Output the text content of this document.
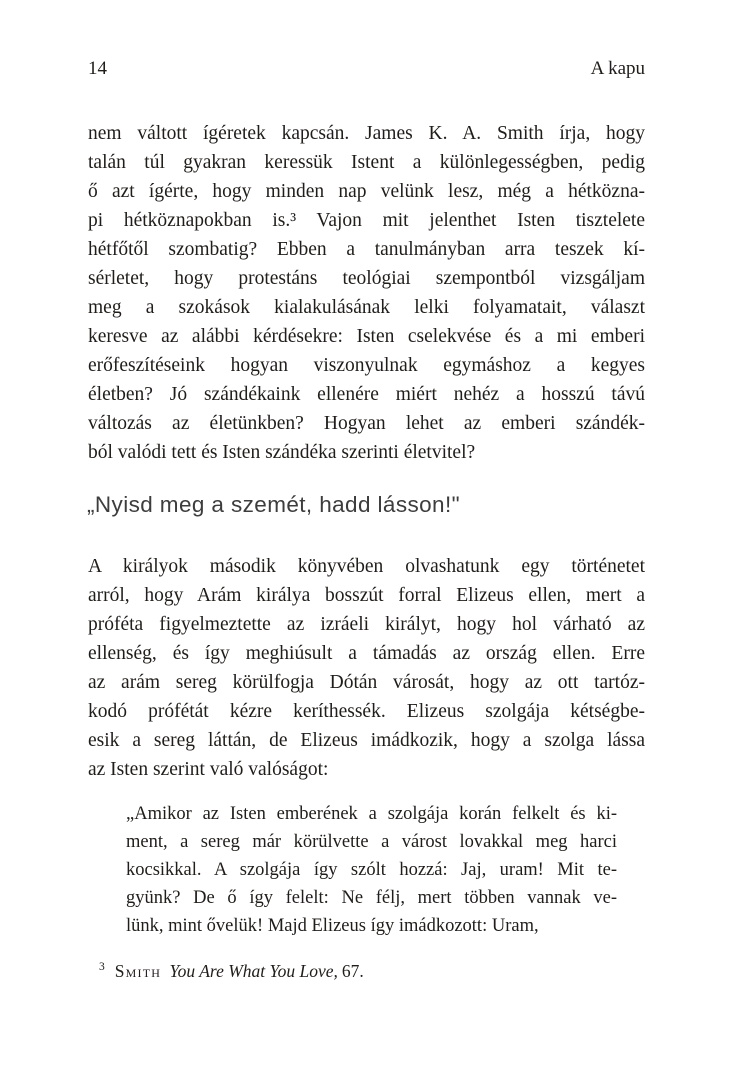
14	A kapu
nem váltott ígéretek kapcsán. James K. A. Smith írja, hogy
talán túl gyakran keressük Istent a különlegességben, pedig
ő azt ígérte, hogy minden nap velünk lesz, még a hétközna-
pi hétköznapokban is.³ Vajon mit jelenthet Isten tisztelete
hétfőtől szombatig? Ebben a tanulmányban arra teszek kí-
sérletet, hogy protestáns teológiai szempontból vizsgáljam
meg a szokások kialakulásának lelki folyamatait, választ
keresve az alábbi kérdésekre: Isten cselekvése és a mi emberi
erőfeszítéseink hogyan viszonyulnak egymáshoz a kegyes
életben? Jó szándékaink ellenére miért nehéz a hosszú távú
változás az életünkben? Hogyan lehet az emberi szándék-
ból valódi tett és Isten szándéka szerinti életvitel?
„Nyisd meg a szemét, hadd lásson!"
A királyok második könyvében olvashatunk egy történetet
arról, hogy Arám királya bosszút forral Elizeus ellen, mert a
próféta figyelmeztette az izráeli királyt, hogy hol várható az
ellenség, és így meghiúsult a támadás az ország ellen. Erre
az arám sereg körülfogja Dótán városát, hogy az ott tartóz-
kodó prófétát kézre keríthessék. Elizeus szolgája kétségbe-
esik a sereg láttán, de Elizeus imádkozik, hogy a szolga lássa
az Isten szerint való valóságot:
„Amikor az Isten emberének a szolgája korán felkelt és ki-
ment, a sereg már körülvette a várost lovakkal meg harci
kocsikkal. A szolgája így szólt hozzá: Jaj, uram! Mit te-
gyünk? De ő így felelt: Ne félj, mert többen vannak ve-
lünk, mint ővelük! Majd Elizeus így imádkozott: Uram,
$^3$ Smith You Are What You Love, 67.
